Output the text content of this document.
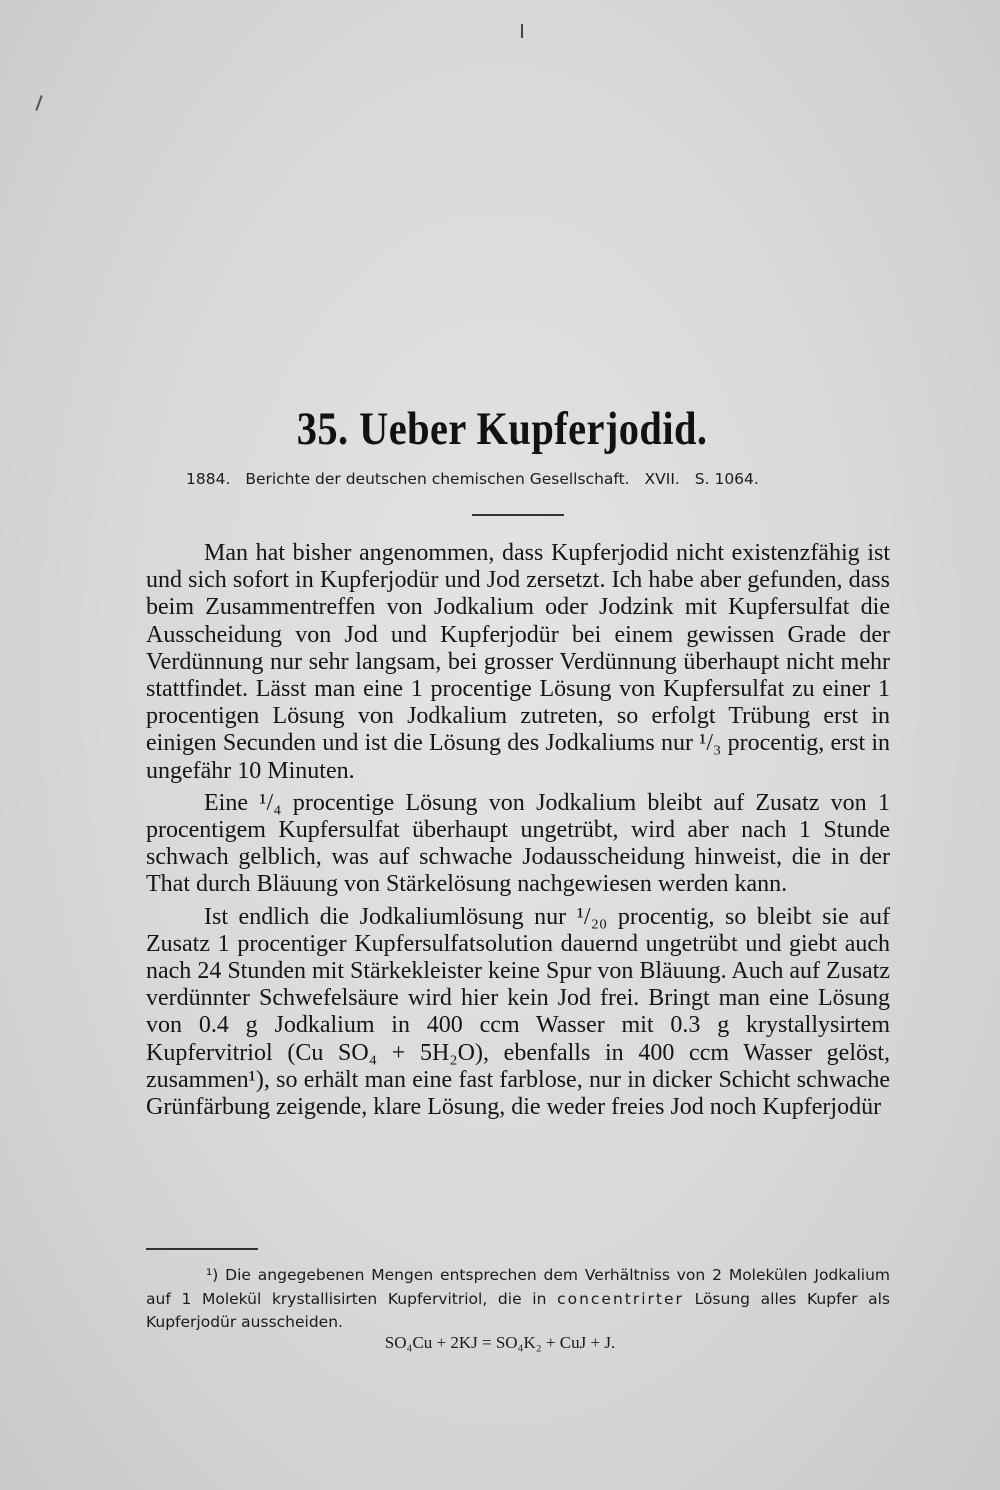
35. Ueber Kupferjodid.
1884. Berichte der deutschen chemischen Gesellschaft. XVII. S. 1064.

Man hat bisher angenommen, dass Kupferjodid nicht existenzfähig ist und sich sofort in Kupferjodür und Jod zersetzt. Ich habe aber gefunden, dass beim Zusammentreffen von Jodkalium oder Jodzink mit Kupfersulfat die Ausscheidung von Jod und Kupferjodür bei einem gewissen Grade der Verdünnung nur sehr langsam, bei grosser Verdünnung überhaupt nicht mehr stattfindet. Lässt man eine 1 procentige Lösung von Kupfersulfat zu einer 1 procentigen Lösung von Jodkalium zutreten, so erfolgt Trübung erst in einigen Secunden und ist die Lösung des Jodkaliums nur ¹/₃ procentig, erst in ungefähr 10 Minuten.

Eine ¹/₄ procentige Lösung von Jodkalium bleibt auf Zusatz von 1 procentigem Kupfersulfat überhaupt ungetrübt, wird aber nach 1 Stunde schwach gelblich, was auf schwache Jodausscheidung hinweist, die in der That durch Bläuung von Stärkelösung nachgewiesen werden kann.

Ist endlich die Jodkaliumlösung nur ¹/₂₀ procentig, so bleibt sie auf Zusatz 1 procentiger Kupfersulfatsolution dauernd ungetrübt und giebt auch nach 24 Stunden mit Stärkekleister keine Spur von Bläuung. Auch auf Zusatz verdünnter Schwefelsäure wird hier kein Jod frei. Bringt man eine Lösung von 0.4 g Jodkalium in 400 ccm Wasser mit 0.3 g krystallysirtem Kupfervitriol (Cu SO₄ + 5H₂O), ebenfalls in 400 ccm Wasser gelöst, zusammen¹), so erhält man eine fast farblose, nur in dicker Schicht schwache Grünfärbung zeigende, klare Lösung, die weder freies Jod noch Kupferjodür

¹) Die angegebenen Mengen entsprechen dem Verhältniss von 2 Molekülen Jodkalium auf 1 Molekül krystallisirten Kupfervitriol, die in concentrirter Lösung alles Kupfer als Kupferjodür ausscheiden.
SO₄Cu + 2KJ = SO₄K₂ + CuJ + J.
